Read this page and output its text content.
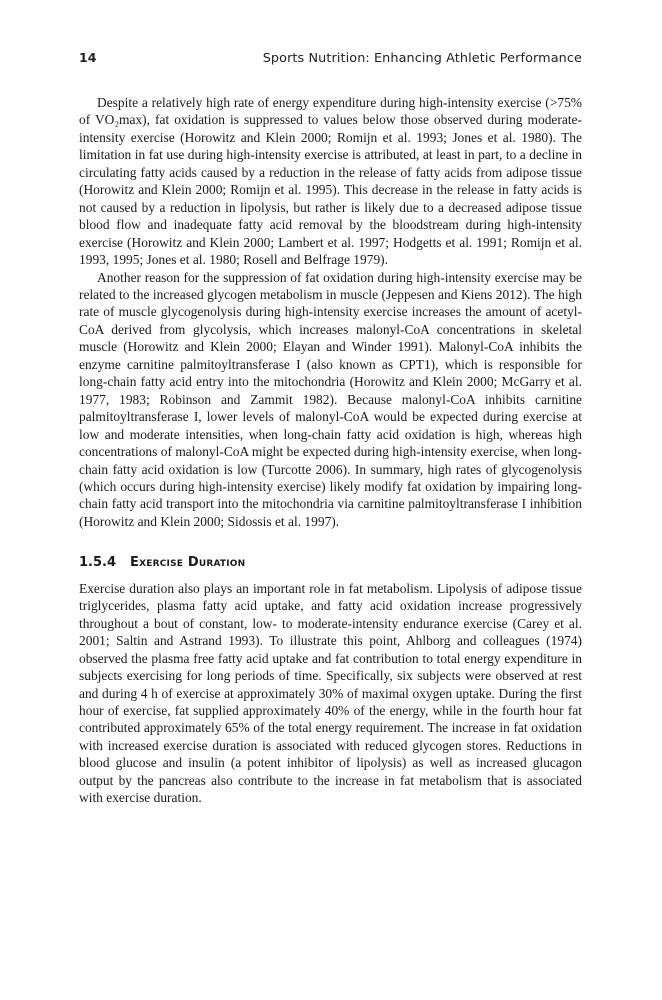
14	Sports Nutrition: Enhancing Athletic Performance

Despite a relatively high rate of energy expenditure during high-intensity exercise (>75% of VO₂max), fat oxidation is suppressed to values below those observed during moderate-intensity exercise (Horowitz and Klein 2000; Romijn et al. 1993; Jones et al. 1980). The limitation in fat use during high-intensity exercise is attributed, at least in part, to a decline in circulating fatty acids caused by a reduction in the release of fatty acids from adipose tissue (Horowitz and Klein 2000; Romijn et al. 1995). This decrease in the release in fatty acids is not caused by a reduction in lipolysis, but rather is likely due to a decreased adipose tissue blood flow and inadequate fatty acid removal by the bloodstream during high-intensity exercise (Horowitz and Klein 2000; Lambert et al. 1997; Hodgetts et al. 1991; Romijn et al. 1993, 1995; Jones et al. 1980; Rosell and Belfrage 1979).

Another reason for the suppression of fat oxidation during high-intensity exercise may be related to the increased glycogen metabolism in muscle (Jeppesen and Kiens 2012). The high rate of muscle glycogenolysis during high-intensity exercise increases the amount of acetyl-CoA derived from glycolysis, which increases malonyl-CoA concentrations in skeletal muscle (Horowitz and Klein 2000; Elayan and Winder 1991). Malonyl-CoA inhibits the enzyme carnitine palmitoyltransferase I (also known as CPT1), which is responsible for long-chain fatty acid entry into the mitochondria (Horowitz and Klein 2000; McGarry et al. 1977, 1983; Robinson and Zammit 1982). Because malonyl-CoA inhibits carnitine palmitoyltransferase I, lower levels of malonyl-CoA would be expected during exercise at low and moderate intensities, when long-chain fatty acid oxidation is high, whereas high concentrations of malonyl-CoA might be expected during high-intensity exercise, when long-chain fatty acid oxidation is low (Turcotte 2006). In summary, high rates of glycogenolysis (which occurs during high-intensity exercise) likely modify fat oxidation by impairing long-chain fatty acid transport into the mitochondria via carnitine palmitoyltransferase I inhibition (Horowitz and Klein 2000; Sidossis et al. 1997).

1.5.4 Exercise Duration

Exercise duration also plays an important role in fat metabolism. Lipolysis of adipose tissue triglycerides, plasma fatty acid uptake, and fatty acid oxidation increase progressively throughout a bout of constant, low- to moderate-intensity endurance exercise (Carey et al. 2001; Saltin and Astrand 1993). To illustrate this point, Ahlborg and colleagues (1974) observed the plasma free fatty acid uptake and fat contribution to total energy expenditure in subjects exercising for long periods of time. Specifically, six subjects were observed at rest and during 4 h of exercise at approximately 30% of maximal oxygen uptake. During the first hour of exercise, fat supplied approximately 40% of the energy, while in the fourth hour fat contributed approximately 65% of the total energy requirement. The increase in fat oxidation with increased exercise duration is associated with reduced glycogen stores. Reductions in blood glucose and insulin (a potent inhibitor of lipolysis) as well as increased glucagon output by the pancreas also contribute to the increase in fat metabolism that is associated with exercise duration.
